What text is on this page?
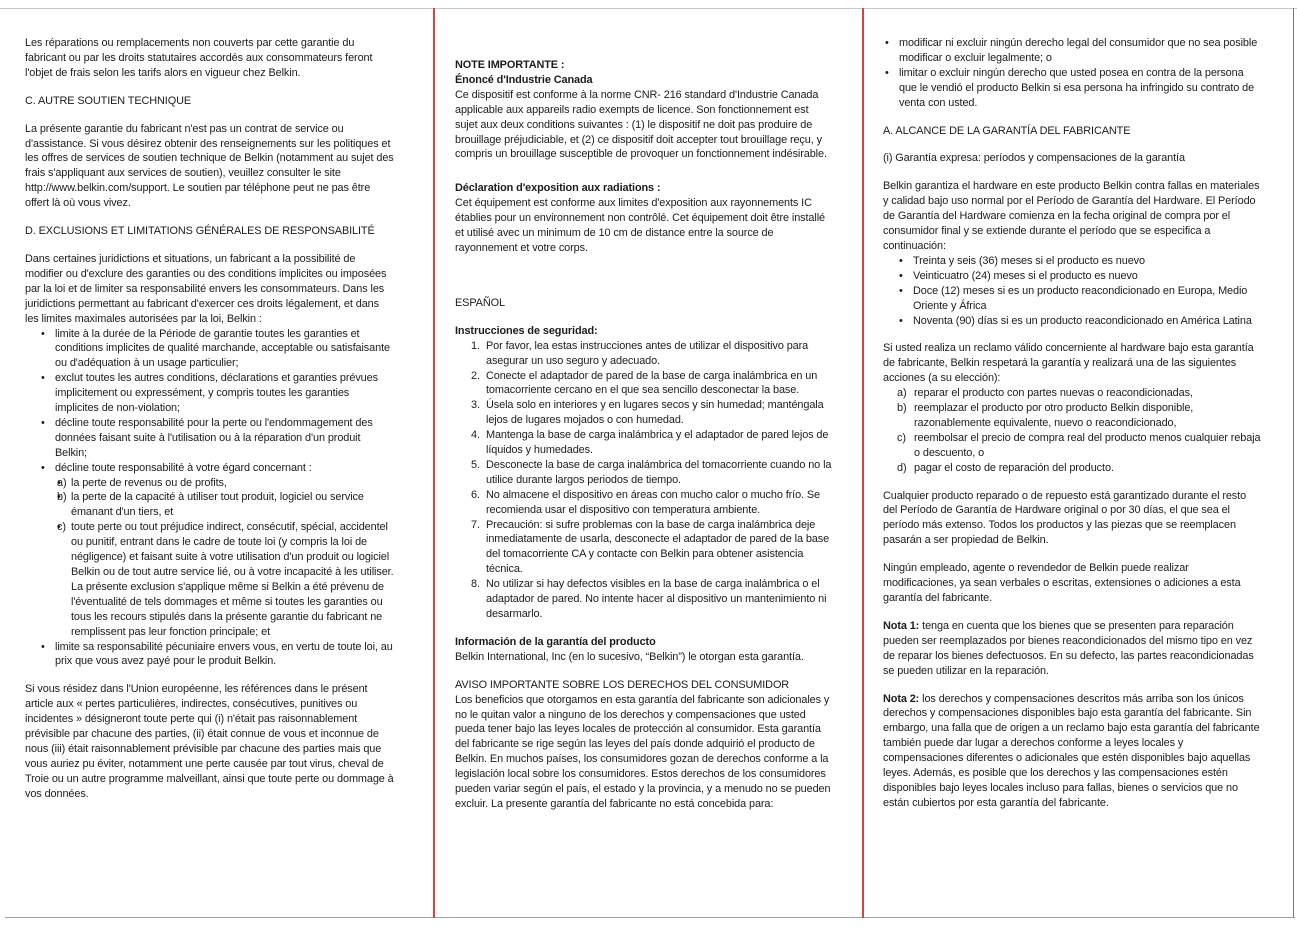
Les réparations ou remplacements non couverts par cette garantie du fabricant ou par les droits statutaires accordés aux consommateurs feront l'objet de frais selon les tarifs alors en vigueur chez Belkin.

C. AUTRE SOUTIEN TECHNIQUE

La présente garantie du fabricant n'est pas un contrat de service ou d'assistance. Si vous désirez obtenir des renseignements sur les politiques et les offres de services de soutien technique de Belkin (notamment au sujet des frais s'appliquant aux services de soutien), veuillez consulter le site http://www.belkin.com/support. Le soutien par téléphone peut ne pas être offert là où vous vivez.

D. EXCLUSIONS ET LIMITATIONS GÉNÉRALES DE RESPONSABILITÉ

Dans certaines juridictions et situations, un fabricant a la possibilité de modifier ou d'exclure des garanties ou des conditions implicites ou imposées par la loi et de limiter sa responsabilité envers les consommateurs. Dans les juridictions permettant au fabricant d'exercer ces droits légalement, et dans les limites maximales autorisées par la loi, Belkin :

• limite à la durée de la Période de garantie toutes les garanties et conditions implicites de qualité marchande, acceptable ou satisfaisante ou d'adéquation à un usage particulier;
• exclut toutes les autres conditions, déclarations et garanties prévues implicitement ou expressément, y compris toutes les garanties implicites de non-violation;
• décline toute responsabilité pour la perte ou l'endommagement des données faisant suite à l'utilisation ou à la réparation d'un produit Belkin;
• décline toute responsabilité à votre égard concernant :
• a) la perte de revenus ou de profits,
• b) la perte de la capacité à utiliser tout produit, logiciel ou service émanant d'un tiers, et
• c) toute perte ou tout préjudice indirect, consécutif, spécial, accidentel ou punitif, entrant dans le cadre de toute loi (y compris la loi de négligence) et faisant suite à votre utilisation d'un produit ou logiciel Belkin ou de tout autre service lié, ou à votre incapacité à les utiliser. La présente exclusion s'applique même si Belkin a été prévenu de l'éventualité de tels dommages et même si toutes les garanties ou tous les recours stipulés dans la présente garantie du fabricant ne remplissent pas leur fonction principale; et
• limite sa responsabilité pécuniaire envers vous, en vertu de toute loi, au prix que vous avez payé pour le produit Belkin.

Si vous résidez dans l'Union européenne, les références dans le présent article aux « pertes particulières, indirectes, consécutives, punitives ou incidentes » désigneront toute perte qui (i) n'était pas raisonnablement prévisible par chacune des parties, (ii) était connue de vous et inconnue de nous (iii) était raisonnablement prévisible par chacune des parties mais que vous auriez pu éviter, notamment une perte causée par tout virus, cheval de Troie ou un autre programme malveillant, ainsi que toute perte ou dommage à vos données.

NOTE IMPORTANTE :

Énoncé d'Industrie Canada

Ce dispositif est conforme à la norme CNR- 216 standard d'Industrie Canada applicable aux appareils radio exempts de licence. Son fonctionnement est sujet aux deux conditions suivantes : (1) le dispositif ne doit pas produire de brouillage préjudiciable, et (2) ce dispositif doit accepter tout brouillage reçu, y compris un brouillage susceptible de provoquer un fonctionnement indésirable.

Déclaration d'exposition aux radiations :

Cet équipement est conforme aux limites d'exposition aux rayonnements IC établies pour un environnement non contrôlé. Cet équipement doit être installé et utilisé avec un minimum de 10 cm de distance entre la source de rayonnement et votre corps.

ESPAÑOL

Instrucciones de seguridad:

1. Por favor, lea estas instrucciones antes de utilizar el dispositivo para asegurar un uso seguro y adecuado.
2. Conecte el adaptador de pared de la base de carga inalámbrica en un tomacorriente cercano en el que sea sencillo desconectar la base.
3. Úsela solo en interiores y en lugares secos y sin humedad; manténgala lejos de lugares mojados o con humedad.
4. Mantenga la base de carga inalámbrica y el adaptador de pared lejos de líquidos y humedades.
5. Desconecte la base de carga inalámbrica del tomacorriente cuando no la utilice durante largos periodos de tiempo.
6. No almacene el dispositivo en áreas con mucho calor o mucho frío. Se recomienda usar el dispositivo con temperatura ambiente.
7. Precaución: si sufre problemas con la base de carga inalámbrica deje inmediatamente de usarla, desconecte el adaptador de pared de la base del tomacorriente CA y contacte con Belkin para obtener asistencia técnica.
8. No utilizar si hay defectos visibles en la base de carga inalámbrica o el adaptador de pared. No intente hacer al dispositivo un mantenimiento ni desarmarlo.

Información de la garantía del producto

Belkin International, Inc (en lo sucesivo, “Belkin”) le otorgan esta garantía.

AVISO IMPORTANTE SOBRE LOS DERECHOS DEL CONSUMIDOR

Los beneficios que otorgamos en esta garantía del fabricante son adicionales y no le quitan valor a ninguno de los derechos y compensaciones que usted pueda tener bajo las leyes locales de protección al consumidor. Esta garantía del fabricante se rige según las leyes del país donde adquirió el producto de Belkin. En muchos países, los consumidores gozan de derechos conforme a la legislación local sobre los consumidores. Estos derechos de los consumidores pueden variar según el país, el estado y la provincia, y a menudo no se pueden excluir. La presente garantía del fabricante no está concebida para:

• modificar ni excluir ningún derecho legal del consumidor que no sea posible modificar o excluir legalmente; o
• limitar o excluir ningún derecho que usted posea en contra de la persona que le vendió el producto Belkin si esa persona ha infringido su contrato de venta con usted.

A. ALCANCE DE LA GARANTÍA DEL FABRICANTE

(i) Garantía expresa: períodos y compensaciones de la garantía

Belkin garantiza el hardware en este producto Belkin contra fallas en materiales y calidad bajo uso normal por el Período de Garantía del Hardware. El Período de Garantía del Hardware comienza en la fecha original de compra por el consumidor final y se extiende durante el período que se especifica a continuación:

• Treinta y seis (36) meses si el producto es nuevo
• Veinticuatro (24) meses si el producto es nuevo
• Doce (12) meses si es un producto reacondicionado en Europa, Medio Oriente y África
• Noventa (90) días si es un producto reacondicionado en América Latina

Si usted realiza un reclamo válido concerniente al hardware bajo esta garantía de fabricante, Belkin respetará la garantía y realizará una de las siguientes acciones (a su elección):

a) reparar el producto con partes nuevas o reacondicionadas,
b) reemplazar el producto por otro producto Belkin disponible, razonablemente equivalente, nuevo o reacondicionado,
c) reembolsar el precio de compra real del producto menos cualquier rebaja o descuento, o
d) pagar el costo de reparación del producto.

Cualquier producto reparado o de repuesto está garantizado durante el resto del Período de Garantía de Hardware original o por 30 días, el que sea el período más extenso. Todos los productos y las piezas que se reemplacen pasarán a ser propiedad de Belkin.

Ningún empleado, agente o revendedor de Belkin puede realizar modificaciones, ya sean verbales o escritas, extensiones o adiciones a esta garantía del fabricante.

Nota 1: tenga en cuenta que los bienes que se presenten para reparación pueden ser reemplazados por bienes reacondicionados del mismo tipo en vez de reparar los bienes defectuosos. En su defecto, las partes reacondicionadas se pueden utilizar en la reparación.

Nota 2: los derechos y compensaciones descritos más arriba son los únicos derechos y compensaciones disponibles bajo esta garantía del fabricante. Sin embargo, una falla que de origen a un reclamo bajo esta garantía del fabricante también puede dar lugar a derechos conforme a leyes locales y compensaciones diferentes o adicionales que estén disponibles bajo aquellas leyes. Además, es posible que los derechos y las compensaciones estén disponibles bajo leyes locales incluso para fallas, bienes o servicios que no están cubiertos por esta garantía del fabricante.
